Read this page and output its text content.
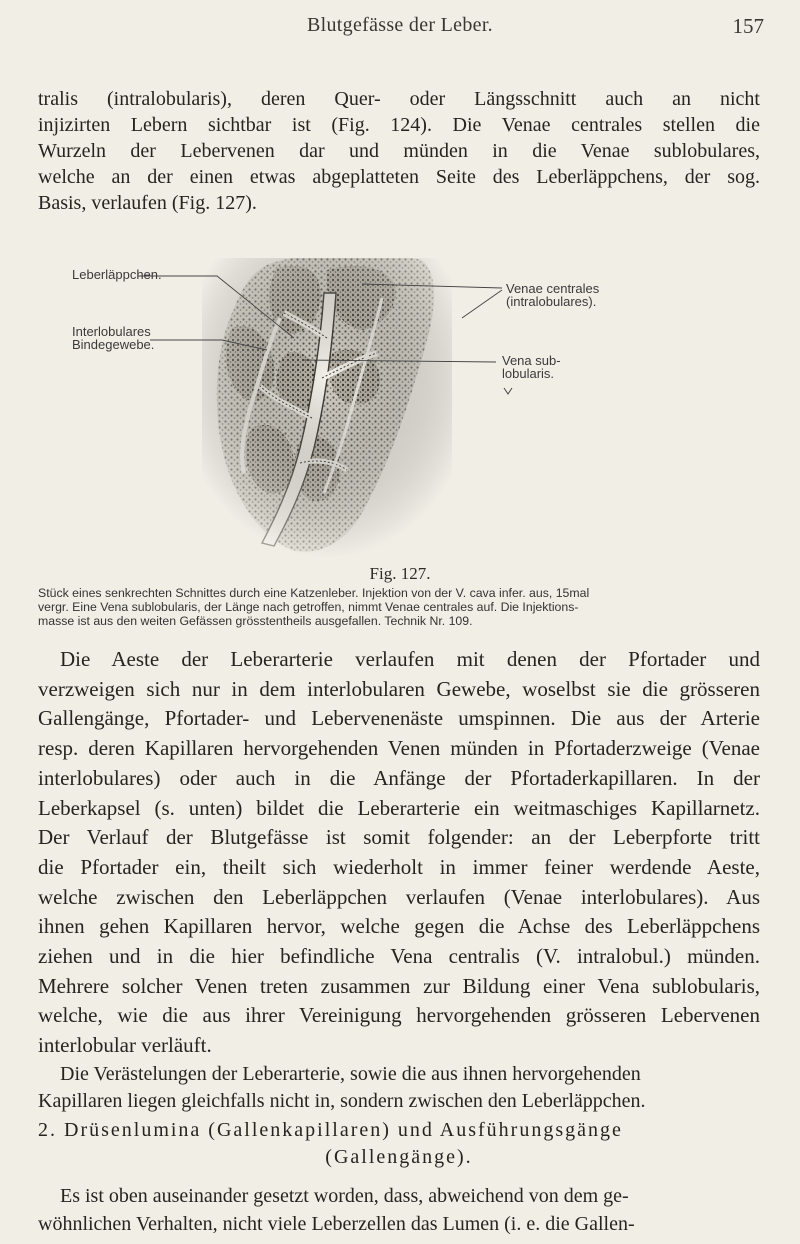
Blutgefässe der Leber.	157
tralis (intralobularis), deren Quer- oder Längsschnitt auch an nicht
injizirten Lebern sichtbar ist (Fig. 124). Die Venae centrales stellen die
Wurzeln der Lebervenen dar und münden in die Venae sublobulares,
welche an der einen etwas abgeplatteten Seite des Leberläppchens, der sog.
Basis, verlaufen (Fig. 127).
Leberläppchen.
Interlobulares
Bindegewebe.
Venae centrales
(intralobulares).
Vena sub-
lobularis.
Fig. 127.
Stück eines senkrechten Schnittes durch eine Katzenleber. Injektion von der V. cava infer. aus, 15mal
vergr. Eine Vena sublobularis, der Länge nach getroffen, nimmt Venae centrales auf. Die Injektions-
masse ist aus den weiten Gefässen grösstentheils ausgefallen. Technik Nr. 109.
Die Aeste der Leberarterie verlaufen mit denen der Pfortader und
verzweigen sich nur in dem interlobularen Gewebe, woselbst sie die grösseren
Gallengänge, Pfortader- und Lebervenenäste umspinnen. Die aus der Arterie
resp. deren Kapillaren hervorgehenden Venen münden in Pfortaderzweige (Venae
interlobulares) oder auch in die Anfänge der Pfortaderkapillaren. In der
Leberkapsel (s. unten) bildet die Leberarterie ein weitmaschiges Kapillarnetz.
Der Verlauf der Blutgefässe ist somit folgender: an der Leberpforte tritt
die Pfortader ein, theilt sich wiederholt in immer feiner werdende Aeste,
welche zwischen den Leberläppchen verlaufen (Venae interlobulares). Aus
ihnen gehen Kapillaren hervor, welche gegen die Achse des Leberläppchens
ziehen und in die hier befindliche Vena centralis (V. intralobul.) münden.
Mehrere solcher Venen treten zusammen zur Bildung einer Vena sublobularis,
welche, wie die aus ihrer Vereinigung hervorgehenden grösseren Lebervenen
interlobular verläuft.
Die Verästelungen der Leberarterie, sowie die aus ihnen hervorgehenden
Kapillaren liegen gleichfalls nicht in, sondern zwischen den Leberläppchen.
2. Drüsenlumina (Gallenkapillaren) und Ausführungsgänge
(Gallengänge).
Es ist oben auseinander gesetzt worden, dass, abweichend von dem ge-
wöhnlichen Verhalten, nicht viele Leberzellen das Lumen (i. e. die Gallen-
